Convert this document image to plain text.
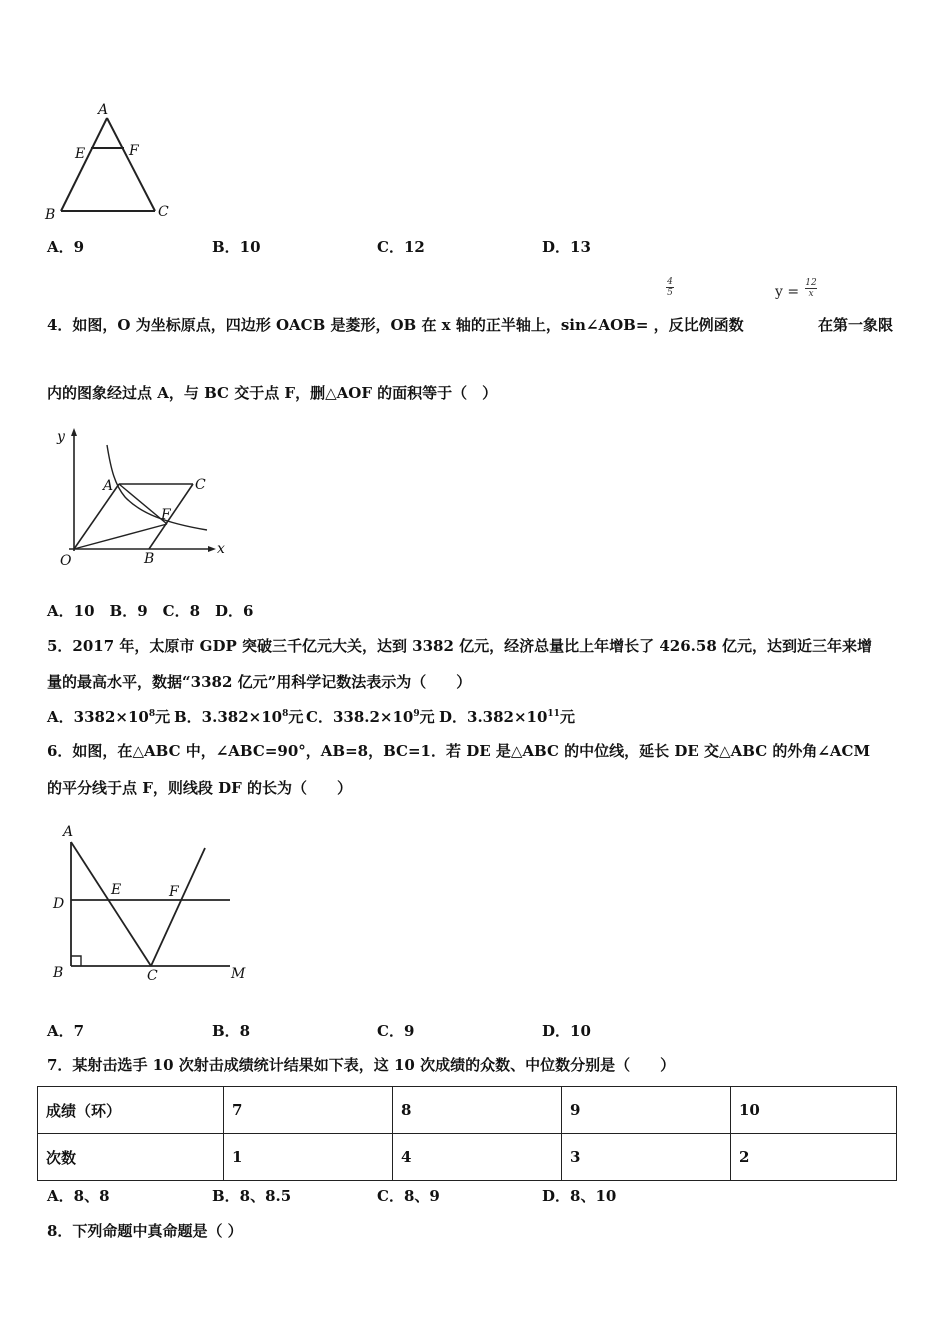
A
E	F
B	C
A．9	B．10	C．12	D．13
4
5	y =
12
x
4．如图，O 为坐标原点，四边形 OACB 是菱形，OB 在 x 轴的正半轴上，sin∠AOB= ，反比例函数	在第一象限
内的图象经过点 A，与 BC 交于点 F，删△AOF 的面积等于（　）
y
A	C
F
O	B
x
A．10　B．9　C．8　D．6
5．2017 年，太原市 GDP 突破三千亿元大关，达到 3382 亿元，经济总量比上年增长了 426.58 亿元，达到近三年来增
量的最高水平，数据“3382 亿元”用科学记数法表示为（　　）
A．$3382\times 10^8$元 B．$3.382\times 10^8$元 C．$338.2\times 10^9$元 D．$3.382\times 10^{11}$元
6．如图，在△ABC 中，∠ABC=90°，AB=8，BC=1．若 DE 是△ABC 的中位线，延长 DE 交△ABC 的外角∠ACM
的平分线于点 F，则线段 DF 的长为（　　）
A
D
E	F
B	C	M
A．7	B．8	C．9	D．10
7．某射击选手 10 次射击成绩统计结果如下表，这 10 次成绩的众数、中位数分别是（　　）
成绩（环）	7	8	9	10
次数	1	4	3	2
A．8、8	B．8、8.5	C．8、9	D．8、10
8．下列命题中真命题是（ ）
